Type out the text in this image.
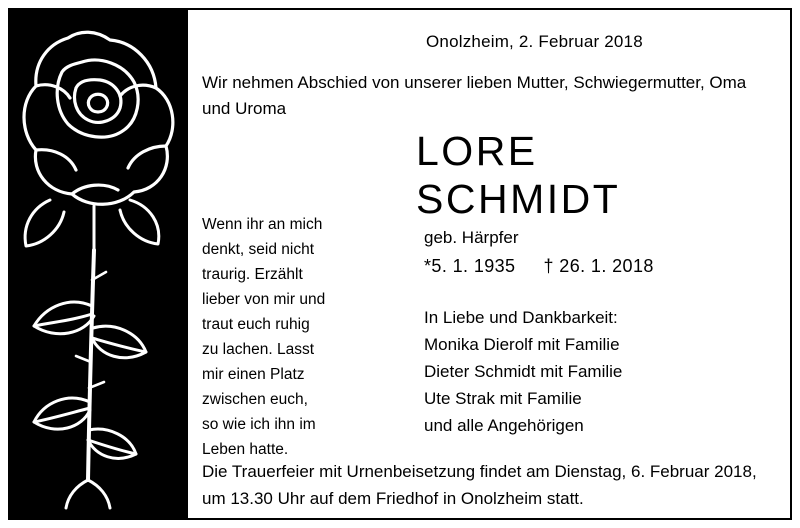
Onolzheim, 2. Februar 2018
Wir nehmen Abschied von unserer lieben Mutter, Schwiegermutter, Oma
und Uroma
LORE
SCHMIDT
geb. Härpfer
*5. 1. 1935 † 26. 1. 2018
Wenn ihr an mich
denkt, seid nicht
traurig. Erzählt
lieber von mir und
traut euch ruhig
zu lachen. Lasst
mir einen Platz
zwischen euch,
so wie ich ihn im
Leben hatte.
In Liebe und Dankbarkeit:
Monika Dierolf mit Familie
Dieter Schmidt mit Familie
Ute Strak mit Familie
und alle Angehörigen
Die Trauerfeier mit Urnenbeisetzung findet am Dienstag, 6. Februar 2018,
um 13.30 Uhr auf dem Friedhof in Onolzheim statt.
